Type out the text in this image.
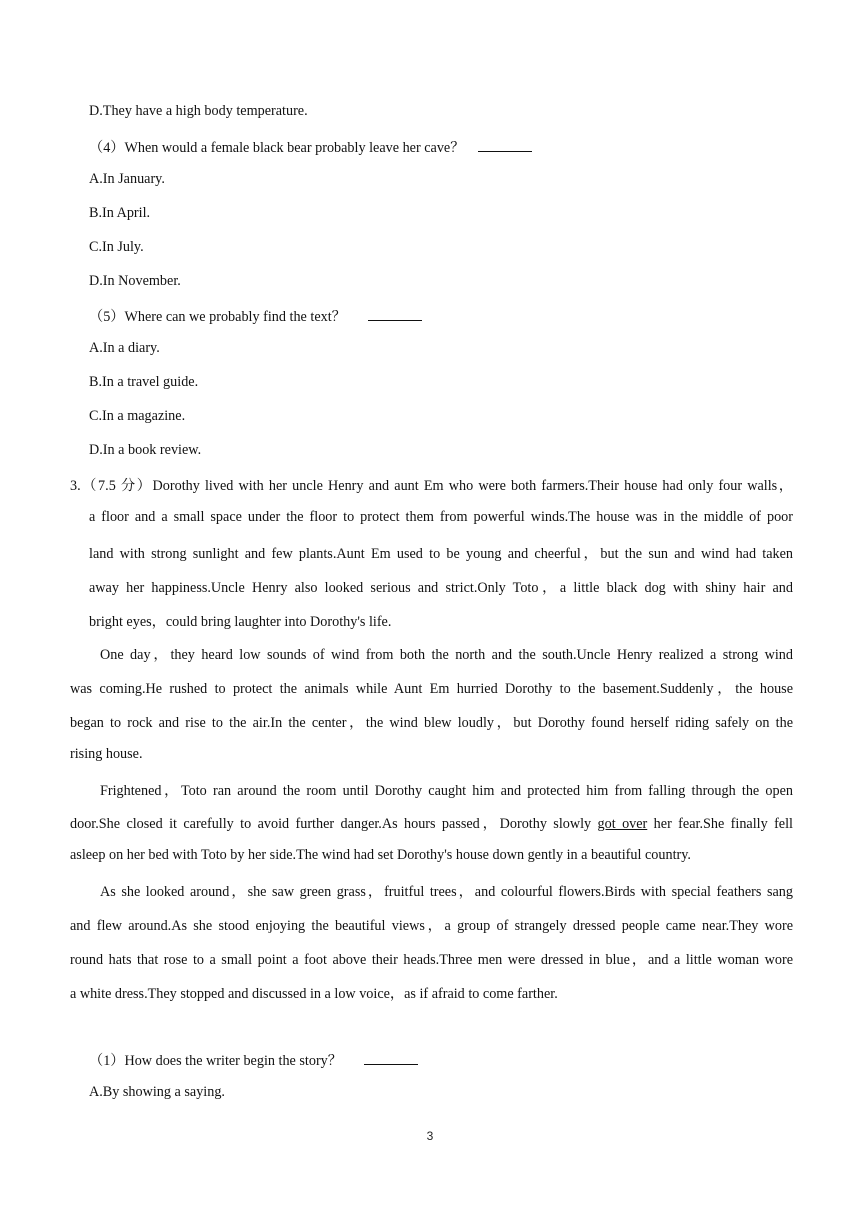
D.They have a high body temperature.
（4）When would a female black bear probably leave her cave？
A.In January.
B.In April.
C.In July.
D.In November.
（5）Where can we probably find the text？
A.In a diary.
B.In a travel guide.
C.In a magazine.
D.In a book review.
3.（7.5 分）Dorothy lived with her uncle Henry and aunt Em who were both farmers.Their house had only four walls，
a floor and a small space under the floor to protect them from powerful winds.The house was in the middle of poor
land with strong sunlight and few plants.Aunt Em used to be young and cheerful，but the sun and wind had taken
away her happiness.Uncle Henry also looked serious and strict.Only Toto，a little black dog with shiny hair and
bright eyes，could bring laughter into Dorothy's life.
One day，they heard low sounds of wind from both the north and the south.Uncle Henry realized a strong wind
was coming.He rushed to protect the animals while Aunt Em hurried Dorothy to the basement.Suddenly，the house
began to rock and rise to the air.In the center，the wind blew loudly，but Dorothy found herself riding safely on the
rising house.
Frightened，Toto ran around the room until Dorothy caught him and protected him from falling through the open
door.She closed it carefully to avoid further danger.As hours passed，Dorothy slowly got over her fear.She finally fell
asleep on her bed with Toto by her side.The wind had set Dorothy's house down gently in a beautiful country.
As she looked around，she saw green grass，fruitful trees，and colourful flowers.Birds with special feathers sang
and flew around.As she stood enjoying the beautiful views，a group of strangely dressed people came near.They wore
round hats that rose to a small point a foot above their heads.Three men were dressed in blue，and a little woman wore
a white dress.They stopped and discussed in a low voice，as if afraid to come farther.
（1）How does the writer begin the story？
A.By showing a saying.
3
